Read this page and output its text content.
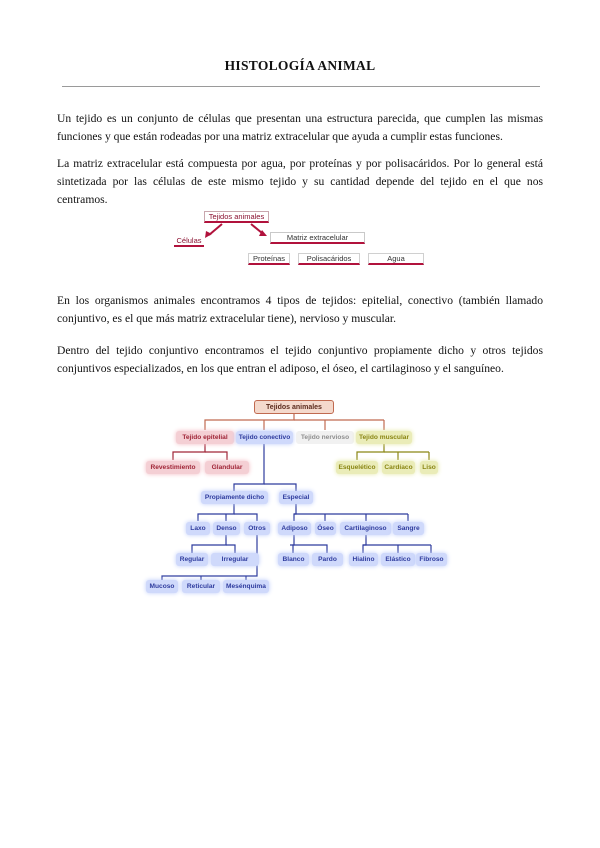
HISTOLOGÍA ANIMAL

Un tejido es un conjunto de células que presentan una estructura parecida, que cumplen las mismas funciones y que están rodeadas por una matriz extracelular que ayuda a cumplir estas funciones.

La matriz extracelular está compuesta por agua, por proteínas y por polisacáridos. Por lo general está sintetizada por las células de este mismo tejido y su cantidad depende del tejido en el que nos centramos.

Tejidos animales
Células	Matriz extracelular
Proteínas	Polisacáridos	Agua

En los organismos animales encontramos 4 tipos de tejidos: epitelial, conectivo (también llamado conjuntivo, es el que más matriz extracelular tiene), nervioso y muscular.

Dentro del tejido conjuntivo encontramos el tejido conjuntivo propiamente dicho y otros tejidos conjuntivos especializados, en los que entran el adiposo, el óseo, el cartilaginoso y el sanguíneo.

Tejidos animales
Tejido epitelial	Tejido conectivo	Tejido nervioso	Tejido muscular
Revestimiento	Glandular	Esquelético	Cardíaco	Liso
Propiamente dicho	Especial
Laxo	Denso	Otros
Regular	Irregular
Mucoso	Reticular	Mesénquima
Adiposo	Óseo	Cartilaginoso	Sangre
Blanco	Pardo	Hialino	Elástico	Fibroso
